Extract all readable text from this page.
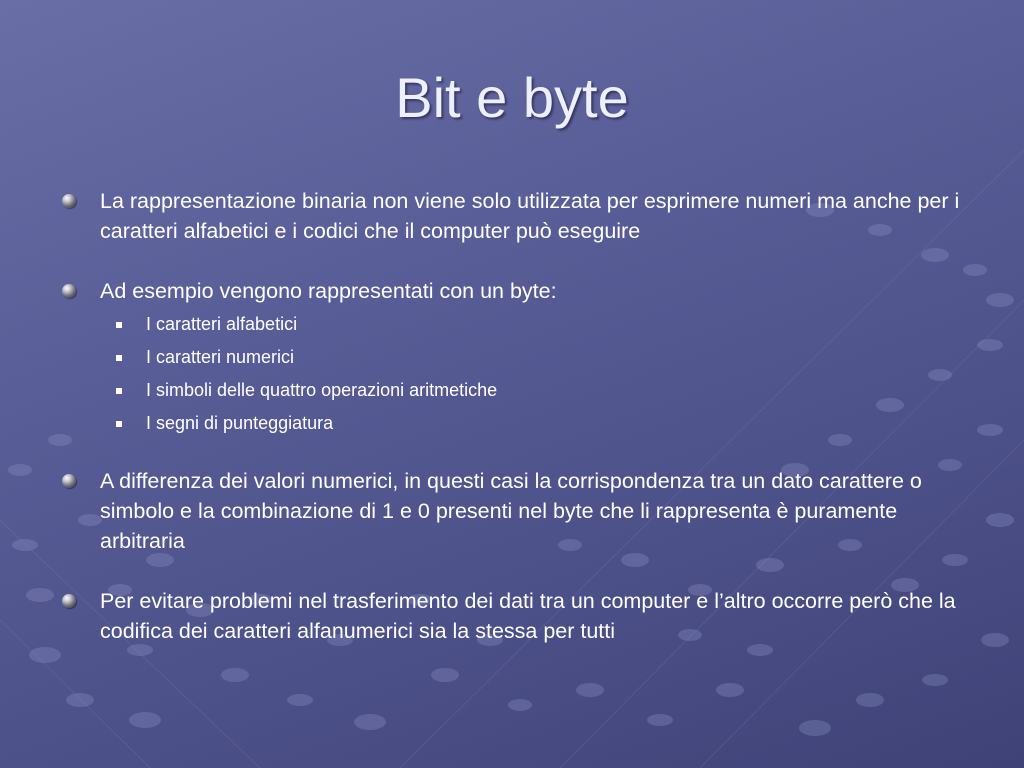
Bit e byte
La rappresentazione binaria non viene solo utilizzata per esprimere numeri ma anche per i caratteri alfabetici e i codici che il computer può eseguire
Ad esempio vengono rappresentati con un byte:
I caratteri alfabetici
I caratteri numerici
I simboli delle quattro operazioni aritmetiche
I segni di punteggiatura
A differenza dei valori numerici, in questi casi la corrispondenza tra un dato carattere o simbolo e la combinazione di 1 e 0 presenti nel byte che li rappresenta è puramente arbitraria
Per evitare problemi nel trasferimento dei dati tra un computer e l’altro occorre però che la codifica dei caratteri alfanumerici sia la stessa per tutti
